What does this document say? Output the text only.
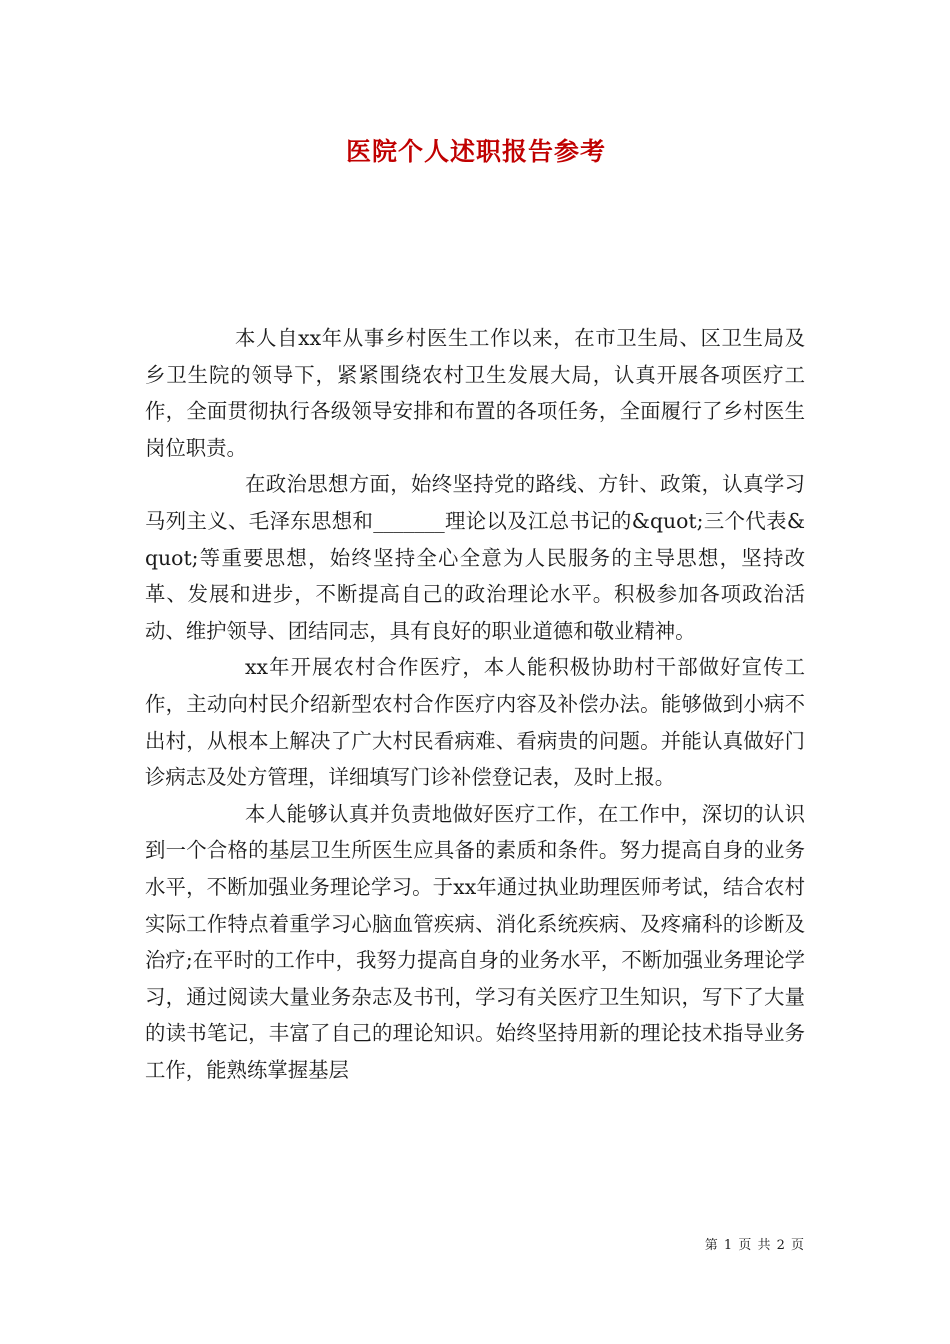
医院个人述职报告参考

本人自xx年从事乡村医生工作以来，在市卫生局、区卫生局及乡卫生院的领导下，紧紧围绕农村卫生发展大局，认真开展各项医疗工作，全面贯彻执行各级领导安排和布置的各项任务，全面履行了乡村医生岗位职责。

在政治思想方面，始终坚持党的路线、方针、政策，认真学习马列主义、毛泽东思想和_______理论以及江总书记的&quot;三个代表&quot;等重要思想，始终坚持全心全意为人民服务的主导思想，坚持改革、发展和进步，不断提高自己的政治理论水平。积极参加各项政治活动、维护领导、团结同志，具有良好的职业道德和敬业精神。

xx年开展农村合作医疗，本人能积极协助村干部做好宣传工作，主动向村民介绍新型农村合作医疗内容及补偿办法。能够做到小病不出村，从根本上解决了广大村民看病难、看病贵的问题。并能认真做好门诊病志及处方管理，详细填写门诊补偿登记表，及时上报。

本人能够认真并负责地做好医疗工作，在工作中，深切的认识到一个合格的基层卫生所医生应具备的素质和条件。努力提高自身的业务水平，不断加强业务理论学习。于xx年通过执业助理医师考试，结合农村实际工作特点着重学习心脑血管疾病、消化系统疾病、及疼痛科的诊断及治疗;在平时的工作中，我努力提高自身的业务水平，不断加强业务理论学习，通过阅读大量业务杂志及书刊，学习有关医疗卫生知识，写下了大量的读书笔记，丰富了自己的理论知识。始终坚持用新的理论技术指导业务工作，能熟练掌握基层

第 1 页 共 2 页
